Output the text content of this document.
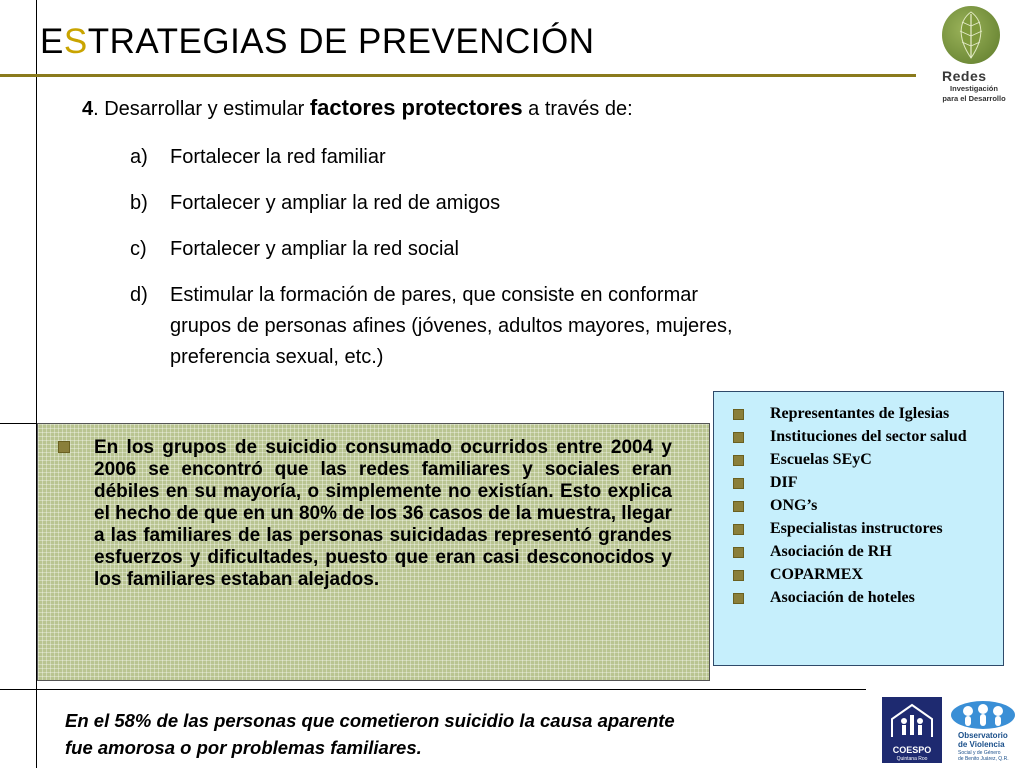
ESTRATEGIAS DE PREVENCIÓN
Redes
Investigación
para el Desarrollo
4. Desarrollar y estimular factores protectores a través de:
a) Fortalecer la red familiar
b) Fortalecer y ampliar la red de amigos
c) Fortalecer y ampliar la red social
d) Estimular la formación de pares, que consiste en conformar
grupos de personas afines (jóvenes, adultos mayores, mujeres,
preferencia sexual, etc.)
En los grupos de suicidio consumado ocurridos entre 2004 y 2006 se encontró que las redes familiares y sociales eran débiles en su mayoría, o simplemente no existían. Esto explica el hecho de que en un 80% de los 36 casos de la muestra, llegar a las familiares de las personas suicidadas representó grandes esfuerzos y dificultades, puesto que eran casi desconocidos y los familiares estaban alejados.
Representantes de Iglesias
Instituciones del sector salud
Escuelas SEyC
DIF
ONG’s
Especialistas instructores
Asociación de RH
COPARMEX
Asociación de hoteles
En el 58% de las personas que cometieron suicidio la causa aparente
fue amorosa o por problemas familiares.	COESPO
Quintana Roo
Observatorio
de Violencia
Social y de Género
de Benito Juárez, Q.R.
